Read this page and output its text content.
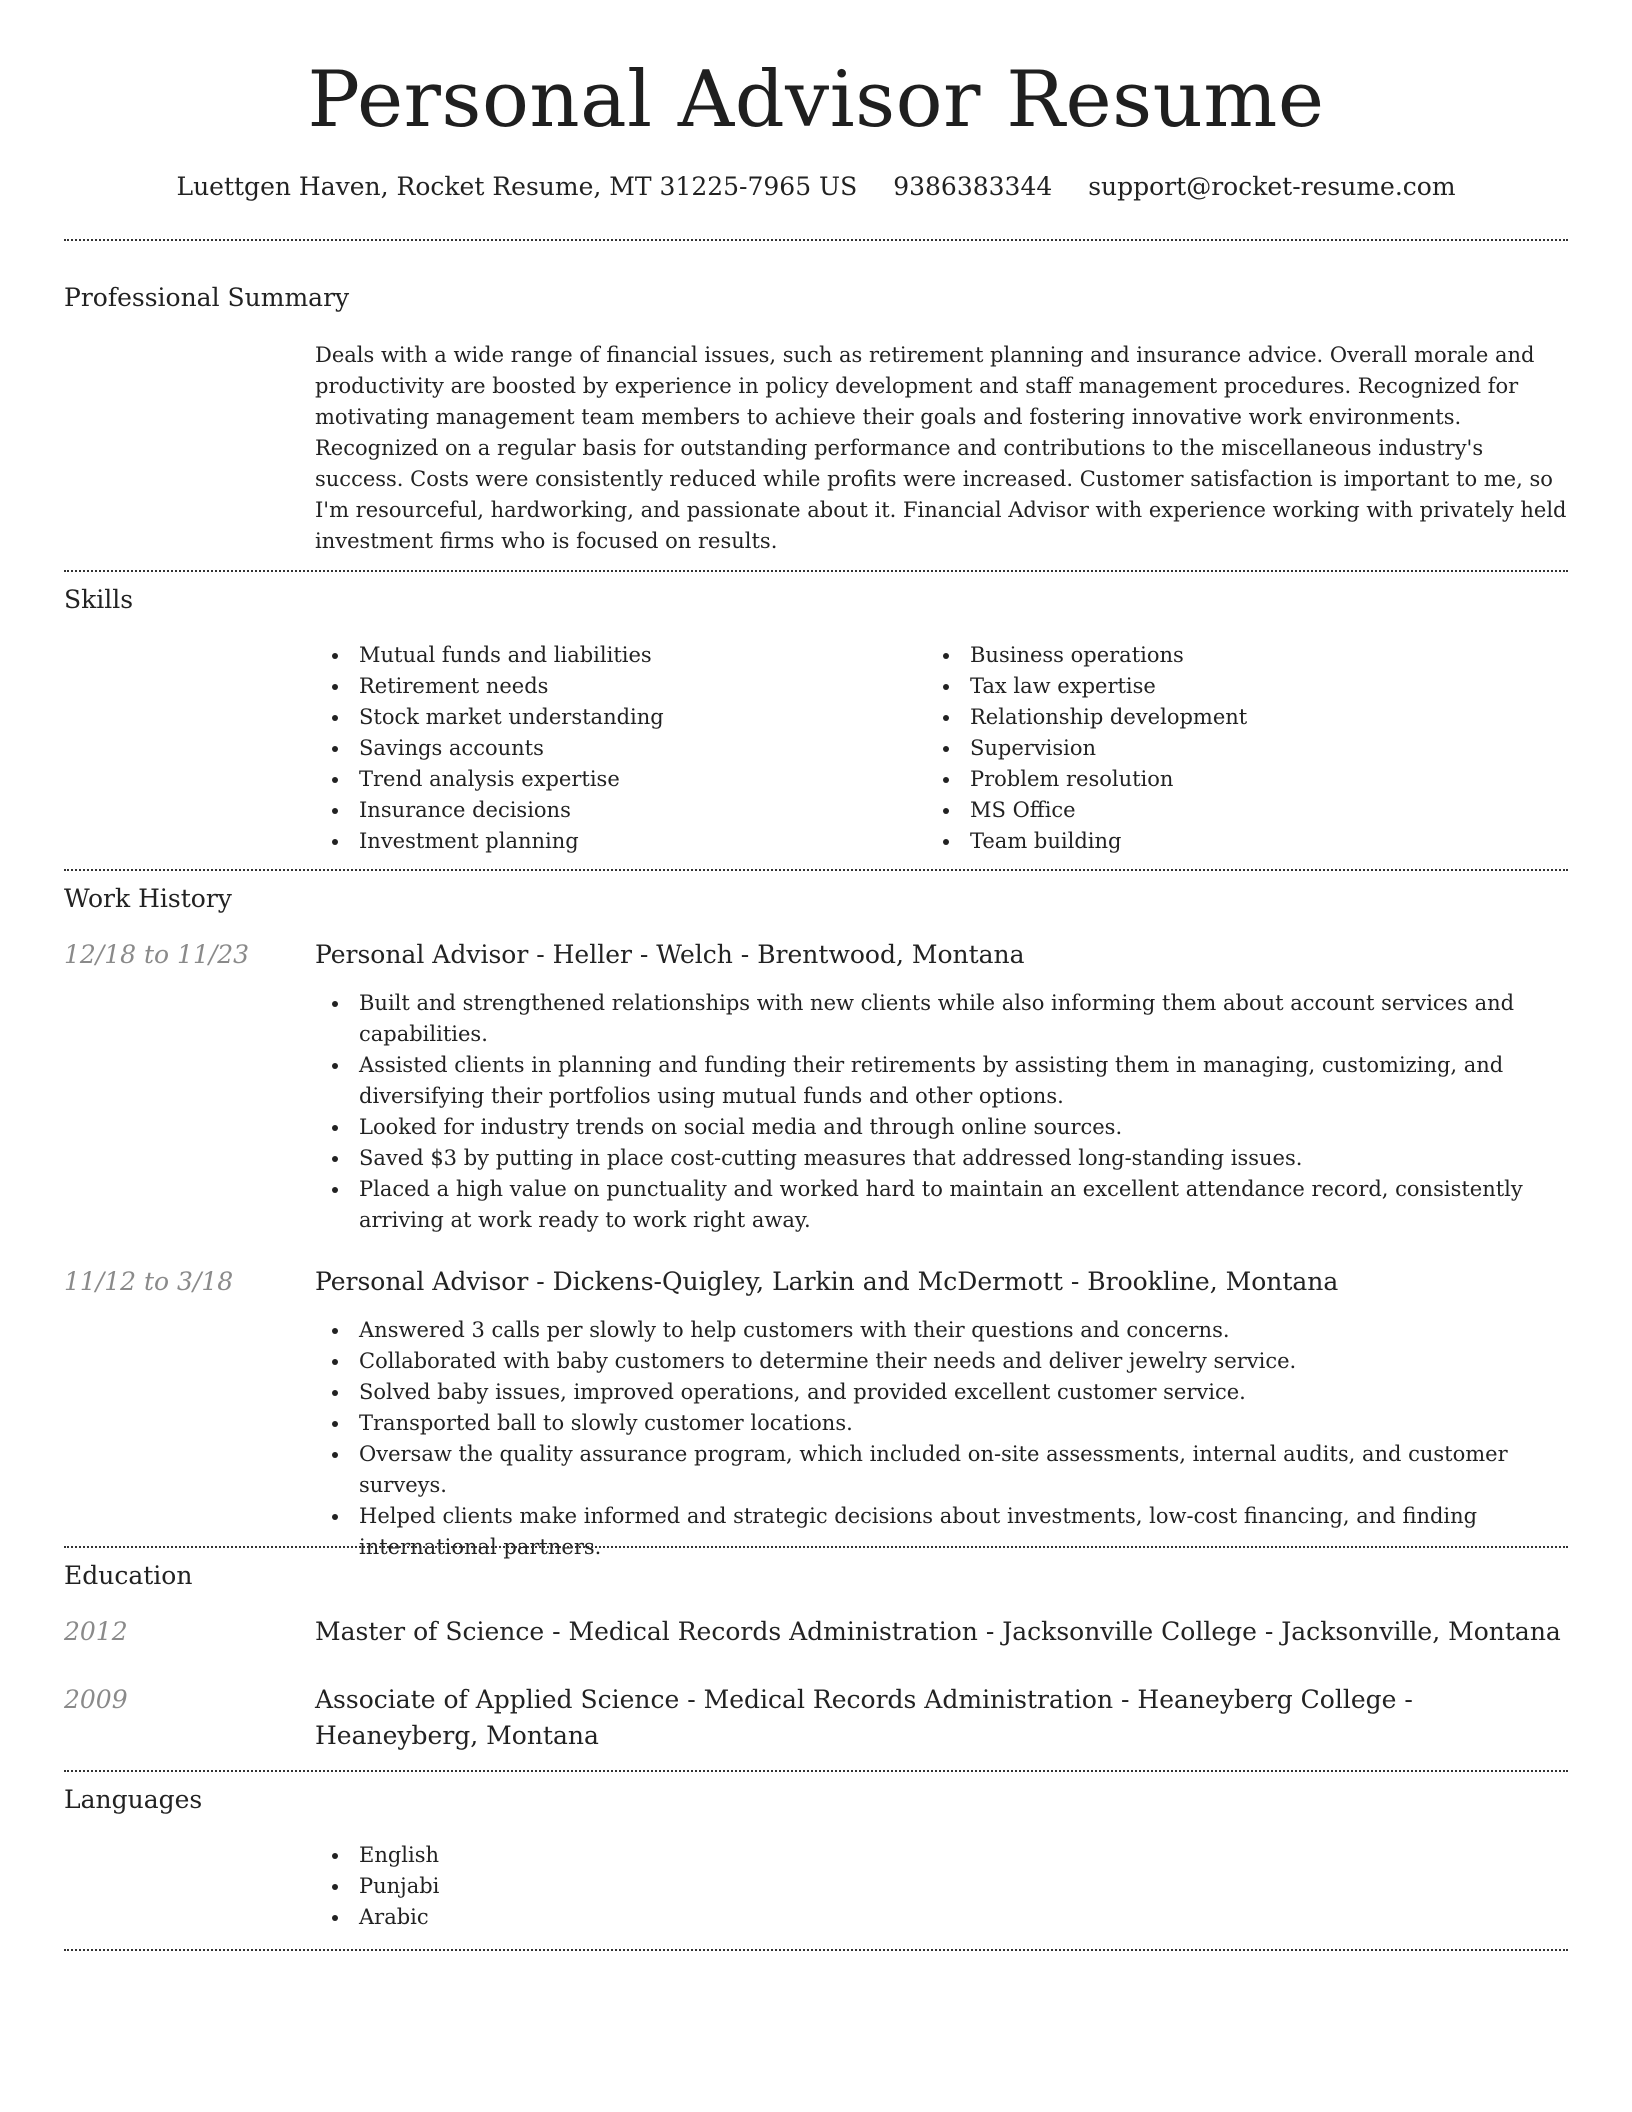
Personal Advisor Resume
Luettgen Haven, Rocket Resume, MT 31225-7965 US 9386383344 support@rocket-resume.com
Professional Summary

Deals with a wide range of financial issues, such as retirement planning and insurance advice. Overall morale and productivity are boosted by experience in policy development and staff management procedures. Recognized for motivating management team members to achieve their goals and fostering innovative work environments. Recognized on a regular basis for outstanding performance and contributions to the miscellaneous industry's success. Costs were consistently reduced while profits were increased. Customer satisfaction is important to me, so I'm resourceful, hardworking, and passionate about it. Financial Advisor with experience working with privately held investment firms who is focused on results.

Skills
Mutual funds and liabilities
Retirement needs
Stock market understanding
Savings accounts
Trend analysis expertise
Insurance decisions
Investment planning
Business operations
Tax law expertise
Relationship development
Supervision
Problem resolution
MS Office
Team building
Work History
12/18 to 11/23	Personal Advisor - Heller - Welch - Brentwood, Montana
Built and strengthened relationships with new clients while also informing them about account services and capabilities.
Assisted clients in planning and funding their retirements by assisting them in managing, customizing, and diversifying their portfolios using mutual funds and other options.
Looked for industry trends on social media and through online sources.
Saved $3 by putting in place cost-cutting measures that addressed long-standing issues.
Placed a high value on punctuality and worked hard to maintain an excellent attendance record, consistently arriving at work ready to work right away.
11/12 to 3/18	Personal Advisor - Dickens-Quigley, Larkin and McDermott - Brookline, Montana
Answered 3 calls per slowly to help customers with their questions and concerns.
Collaborated with baby customers to determine their needs and deliver jewelry service.
Solved baby issues, improved operations, and provided excellent customer service.
Transported ball to slowly customer locations.
Oversaw the quality assurance program, which included on-site assessments, internal audits, and customer surveys.
Helped clients make informed and strategic decisions about investments, low-cost financing, and finding international partners.
Education
2012	Master of Science - Medical Records Administration - Jacksonville College - Jacksonville, Montana
2009	Associate of Applied Science - Medical Records Administration - Heaneyberg College - Heaneyberg, Montana
Languages
English
Punjabi
Arabic
